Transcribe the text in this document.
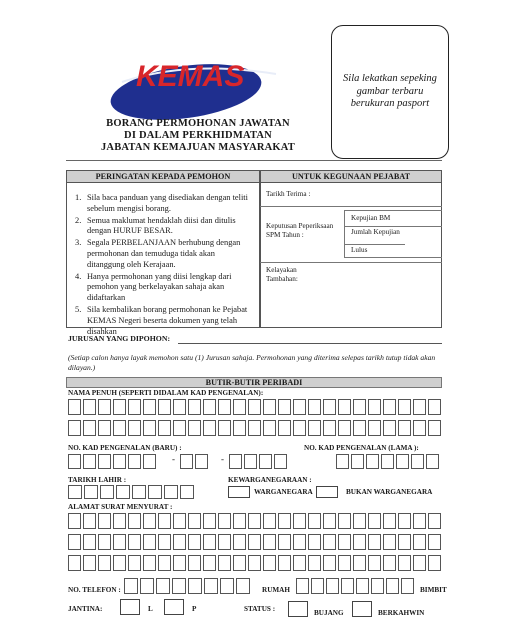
KEMAS
BORANG PERMOHONAN JAWATAN
DI DALAM PERKHIDMATAN
JABATAN KEMAJUAN MASYARAKAT
Sila lekatkan sepeking gambar terbaru berukuran pasport
PERINGATAN KEPADA PEMOHON
1. Sila baca panduan yang disediakan dengan teliti sebelum mengisi borang.
2. Semua maklumat hendaklah diisi dan ditulis dengan HURUF BESAR.
3. Segala PERBELANJAAN berhubung dengan permohonan dan temuduga tidak akan ditanggung oleh Kerajaan.
4. Hanya permohonan yang diisi lengkap dari pemohon yang berkelayakan sahaja akan didaftarkan
5. Sila kembalikan borang permohonan ke Pejabat KEMAS Negeri beserta dokumen yang telah disahkan
UNTUK KEGUNAAN PEJABAT
Tarikh Terima :
Keputusan Peperiksaan SPM Tahun :
Kepujian BM
Jumlah Kepujian
Lulus
Kelayakan Tambahan:
JURUSAN YANG DIPOHON:
(Setiap calon hanya layak memohon satu (1) Jurusan sahaja. Permohonan yang diterima selepas tarikh tutup tidak akan dilayan.)
BUTIR-BUTIR PERIBADI
NAMA PENUH (SEPERTI DIDALAM KAD PENGENALAN):
NO. KAD PENGENALAN (BARU) :	NO. KAD PENGENALAN (LAMA ):
-	-
TARIKH LAHIR :	KEWARGANEGARAAN :
WARGANEGARA	BUKAN WARGANEGARA
ALAMAT SURAT MENYURAT :
NO. TELEFON :	RUMAH	BIMBIT
JANTINA:	L	P	STATUS :	BUJANG	BERKAHWIN
